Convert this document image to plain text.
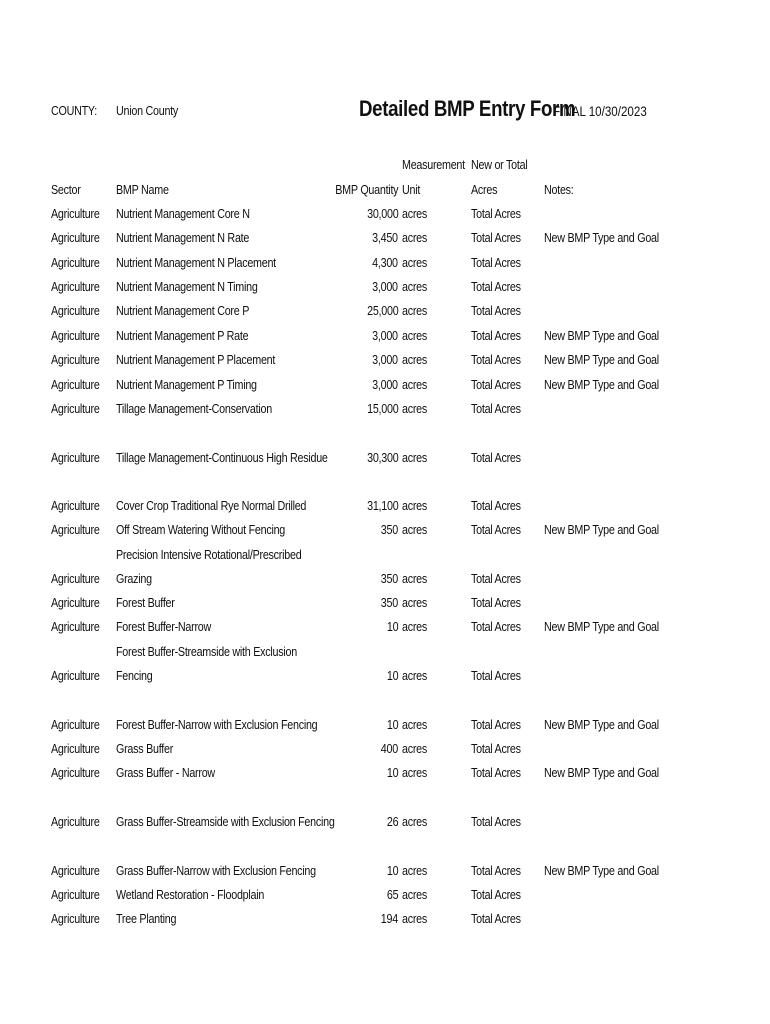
COUNTY: Union County	Detailed BMP Entry Form
FINAL 10/30/2023
Measurement New or Total
Sector	BMP Name	BMP Quantity Unit	Acres	Notes:
Agriculture Nutrient Management Core N	30,000 acres	Total Acres
Agriculture Nutrient Management N Rate	3,450 acres	Total Acres New BMP Type and Goal
Agriculture Nutrient Management N Placement	4,300 acres	Total Acres
Agriculture Nutrient Management N Timing	3,000 acres	Total Acres
Agriculture Nutrient Management Core P	25,000 acres	Total Acres
Agriculture Nutrient Management P Rate	3,000 acres	Total Acres New BMP Type and Goal
Agriculture Nutrient Management P Placement	3,000 acres	Total Acres New BMP Type and Goal
Agriculture Nutrient Management P Timing	3,000 acres	Total Acres New BMP Type and Goal
Agriculture Tillage Management-Conservation	15,000 acres	Total Acres
Agriculture Tillage Management-Continuous High Residue	30,300 acres	Total Acres
Agriculture Cover Crop Traditional Rye Normal Drilled	31,100 acres	Total Acres
Agriculture Off Stream Watering Without Fencing	350 acres	Total Acres New BMP Type and Goal
Precision Intensive Rotational/Prescribed
Agriculture Grazing	350 acres	Total Acres
Agriculture Forest Buffer	350 acres	Total Acres
Agriculture Forest Buffer-Narrow	10 acres	Total Acres New BMP Type and Goal
Forest Buffer-Streamside with Exclusion
Agriculture Fencing	10 acres	Total Acres
Agriculture Forest Buffer-Narrow with Exclusion Fencing	10 acres	Total Acres New BMP Type and Goal
Agriculture Grass Buffer	400 acres	Total Acres
Agriculture Grass Buffer - Narrow	10 acres	Total Acres New BMP Type and Goal
Agriculture Grass Buffer-Streamside with Exclusion Fencing	26 acres	Total Acres
Agriculture Grass Buffer-Narrow with Exclusion Fencing	10 acres	Total Acres New BMP Type and Goal
Agriculture Wetland Restoration - Floodplain	65 acres	Total Acres
Agriculture Tree Planting	194 acres	Total Acres
